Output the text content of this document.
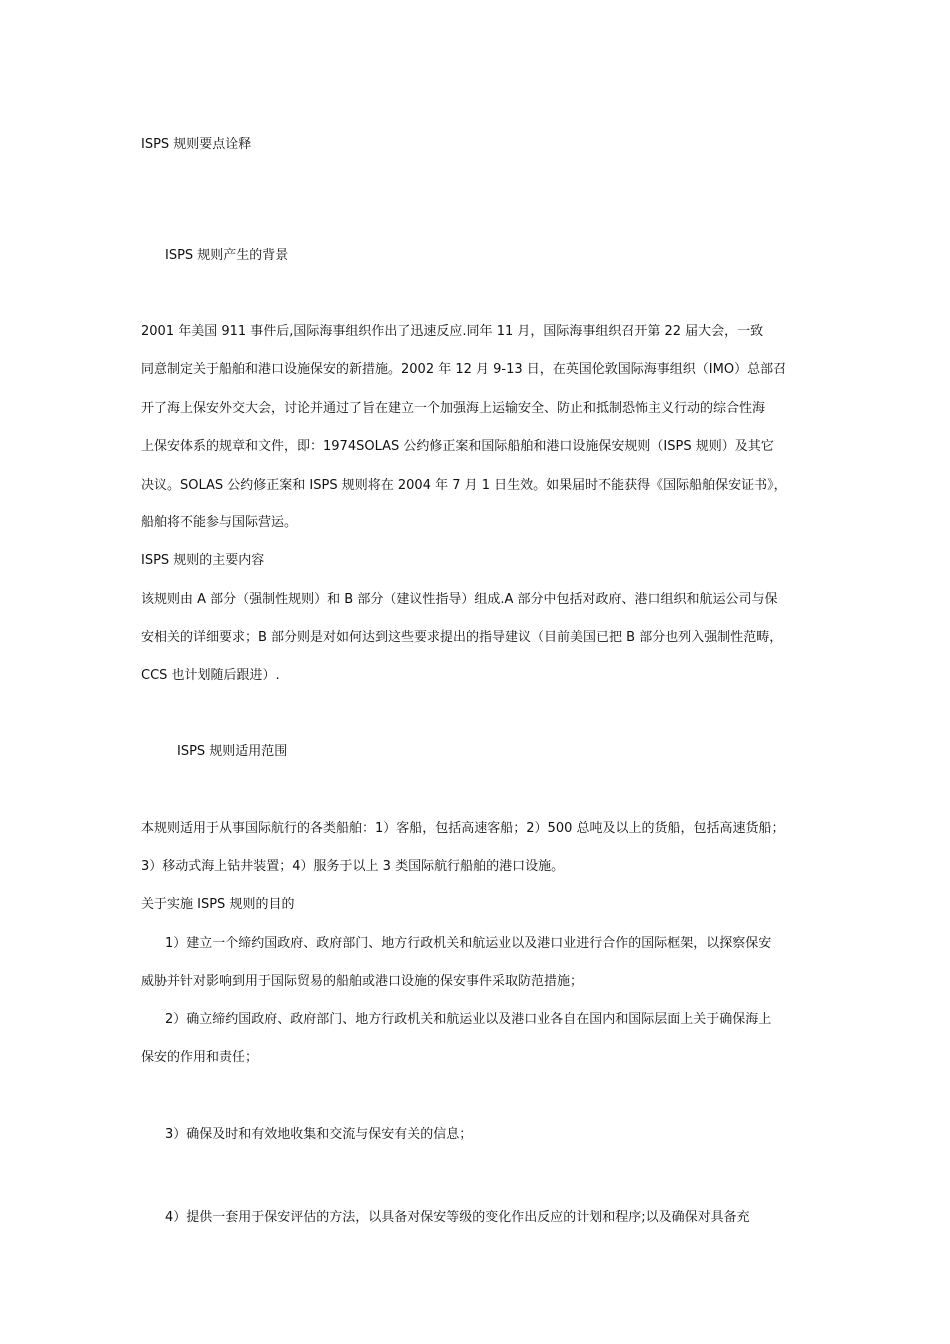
ISPS 规则要点诠释
ISPS 规则产生的背景
2001 年美国 911 事件后,国际海事组织作出了迅速反应.同年 11 月，国际海事组织召开第 22 届大会，一致
同意制定关于船舶和港口设施保安的新措施。2002 年 12 月 9-13 日，在英国伦敦国际海事组织（IMO）总部召
开了海上保安外交大会，讨论并通过了旨在建立一个加强海上运输安全、防止和抵制恐怖主义行动的综合性海
上保安体系的规章和文件，即：1974SOLAS 公约修正案和国际船舶和港口设施保安规则（ISPS 规则）及其它
决议。SOLAS 公约修正案和 ISPS 规则将在 2004 年 7 月 1 日生效。如果届时不能获得《国际船舶保安证书》，
船舶将不能参与国际营运。
ISPS 规则的主要内容
该规则由 A 部分（强制性规则）和 B 部分（建议性指导）组成.A 部分中包括对政府、港口组织和航运公司与保
安相关的详细要求；B 部分则是对如何达到这些要求提出的指导建议（目前美国已把 B 部分也列入强制性范畴，
CCS 也计划随后跟进）.
ISPS 规则适用范围
本规则适用于从事国际航行的各类船舶：1）客船，包括高速客船；2）500 总吨及以上的货船，包括高速货船；
3）移动式海上钻井装置；4）服务于以上 3 类国际航行船舶的港口设施。
关于实施 ISPS 规则的目的
1）建立一个缔约国政府、政府部门、地方行政机关和航运业以及港口业进行合作的国际框架，以探察保安
威胁并针对影响到用于国际贸易的船舶或港口设施的保安事件采取防范措施；
2）确立缔约国政府、政府部门、地方行政机关和航运业以及港口业各自在国内和国际层面上关于确保海上
保安的作用和责任；
3）确保及时和有效地收集和交流与保安有关的信息；
4）提供一套用于保安评估的方法，以具备对保安等级的变化作出反应的计划和程序;以及确保对具备充
